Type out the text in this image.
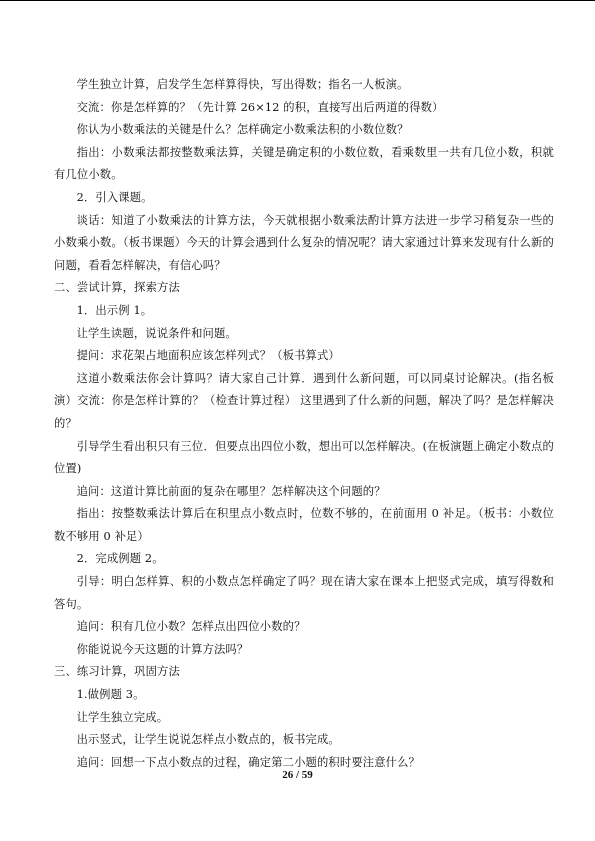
学生独立计算，启发学生怎样算得快，写出得数；指名一人板演。

交流：你是怎样算的？（先计算 26×12 的积，直接写出后两道的得数）

你认为小数乘法的关键是什么？怎样确定小数乘法积的小数位数？

指出：小数乘法都按整数乘法算，关键是确定积的小数位数，看乘数里一共有几位小数，积就有几位小数。

2．引入课题。

谈话：知道了小数乘法的计算方法，今天就根据小数乘法酌计算方法进一步学习稍复杂一些的小数乘小数。（板书课题）今天的计算会遇到什么复杂的情况呢？请大家通过计算来发现有什么新的问题，看看怎样解决，有信心吗？

二、尝试计算，探索方法

1．出示例 1。

让学生读题，说说条件和问题。

提问：求花架占地面积应该怎样列式？（板书算式）

这道小数乘法你会计算吗？请大家自己计算．遇到什么新问题，可以同桌讨论解决。(指名板演）交流：你是怎样计算的？（检查计算过程） 这里遇到了什么新的问题，解决了吗？是怎样解决的？

引导学生看出积只有三位．但要点出四位小数，想出可以怎样解决。(在板演题上确定小数点的位置)

追问：这道计算比前面的复杂在哪里？怎样解决这个问题的？

指出：按整数乘法计算后在积里点小数点时，位数不够的，在前面用 0 补足。（板书：小数位数不够用 0 补足）

2．完成例题 2。

引导：明白怎样算、积的小数点怎样确定了吗？现在请大家在课本上把竖式完成，填写得数和答句。

追问：积有几位小数？怎样点出四位小数的？

你能说说今天这题的计算方法吗？

三、练习计算，巩固方法

1.做例题 3。

让学生独立完成。

出示竖式，让学生说说怎样点小数点的，板书完成。

追问：回想一下点小数点的过程，确定第二小题的积时要注意什么？

26 / 59
